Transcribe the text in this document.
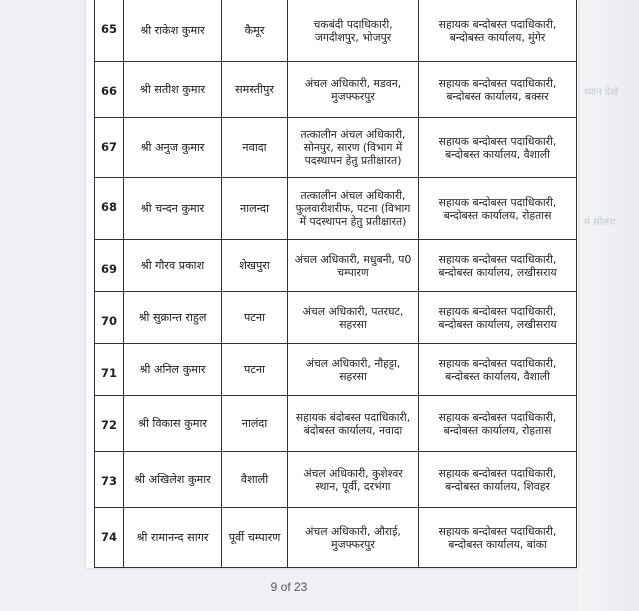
ध्यान देखे
मं सोलंथ
65	श्री राकेश कुमार	कैमूर	चकबंदी पदाधिकारी, जगदीशपुर, भोजपुर	सहायक बन्दोबस्त पदाधिकारी, बन्दोबस्त कार्यालय, मुंगेर
66	श्री सतीश कुमार	समस्तीपुर	अंचल अधिकारी, मडवन, मुजफ्फरपुर	सहायक बन्दोबस्त पदाधिकारी, बन्दोबस्त कार्यालय, बक्सर
67	श्री अनुज कुमार	नवादा	तत्कालीन अंचल अधिकारी, सोनपुर, सारण (विभाग में पदस्थापन हेतु प्रतीक्षारत)	सहायक बन्दोबस्त पदाधिकारी, बन्दोबस्त कार्यालय, वैशाली
68	श्री चन्दन कुमार	नालन्दा	तत्कालीन अंचल अधिकारी, फुलवारीशरीफ, पटना (विभाग में पदस्थापन हेतु प्रतीक्षारत)	सहायक बन्दोबस्त पदाधिकारी, बन्दोबस्त कार्यालय, रोहतास
69	श्री गौरव प्रकाश	शेखपुरा	अंचल अधिकारी, मधुबनी, प0 चम्पारण	सहायक बन्दोबस्त पदाधिकारी, बन्दोबस्त कार्यालय, लखीसराय
70	श्री सुक्रान्त राहुल	पटना	अंचल अधिकारी, पतरघट, सहरसा	सहायक बन्दोबस्त पदाधिकारी, बन्दोबस्त कार्यालय, लखीसराय
71	श्री अनिल कुमार	पटना	अंचल अधिकारी, नौहट्टा, सहरसा	सहायक बन्दोबस्त पदाधिकारी, बन्दोबस्त कार्यालय, वैशाली
72	श्री विकास कुमार	नालंदा	सहायक बंदोबस्त पदाधिकारी, बंदोबस्त कार्यालय, नवादा	सहायक बन्दोबस्त पदाधिकारी, बन्दोबस्त कार्यालय, रोहतास
73	श्री अखिलेश कुमार	वैशाली	अंचल अधिकारी, कुशेश्वर स्थान, पूर्वी, दरभंगा	सहायक बन्दोबस्त पदाधिकारी, बन्दोबस्त कार्यालय, शिवहर
74	श्री रामानन्द सागर	पूर्वी चम्पारण	अंचल अधिकारी, औराई, मुजफ्फरपुर	सहायक बन्दोबस्त पदाधिकारी, बन्दोबस्त कार्यालय, बांका
9 of 23
